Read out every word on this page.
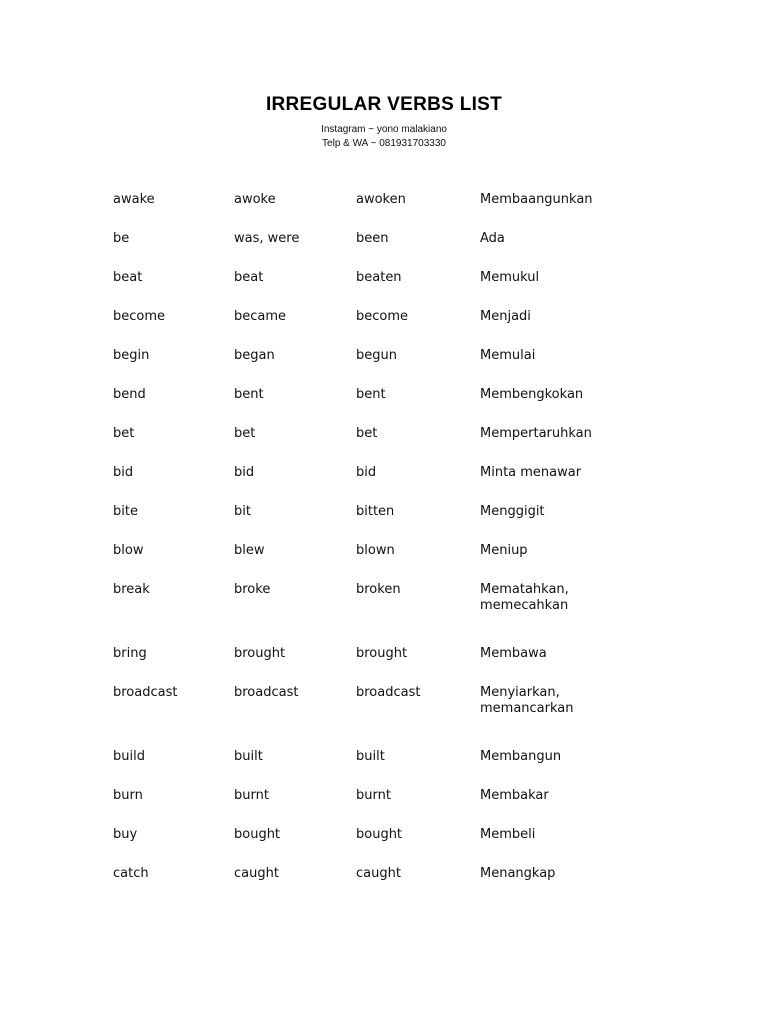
IRREGULAR VERBS LIST
Instagram ~ yono malakiano
Telp & WA ~ 081931703330
awake	awoke	awoken	Membaangunkan
be	was, were	been	Ada
beat	beat	beaten	Memukul
become	became	become	Menjadi
begin	began	begun	Memulai
bend	bent	bent	Membengkokan
bet	bet	bet	Mempertaruhkan
bid	bid	bid	Minta menawar
bite	bit	bitten	Menggigit
blow	blew	blown	Meniup
break	broke	broken	Mematahkan, memecahkan
bring	brought	brought	Membawa
broadcast	broadcast	broadcast	Menyiarkan, memancarkan
build	built	built	Membangun
burn	burnt	burnt	Membakar
buy	bought	bought	Membeli
catch	caught	caught	Menangkap
